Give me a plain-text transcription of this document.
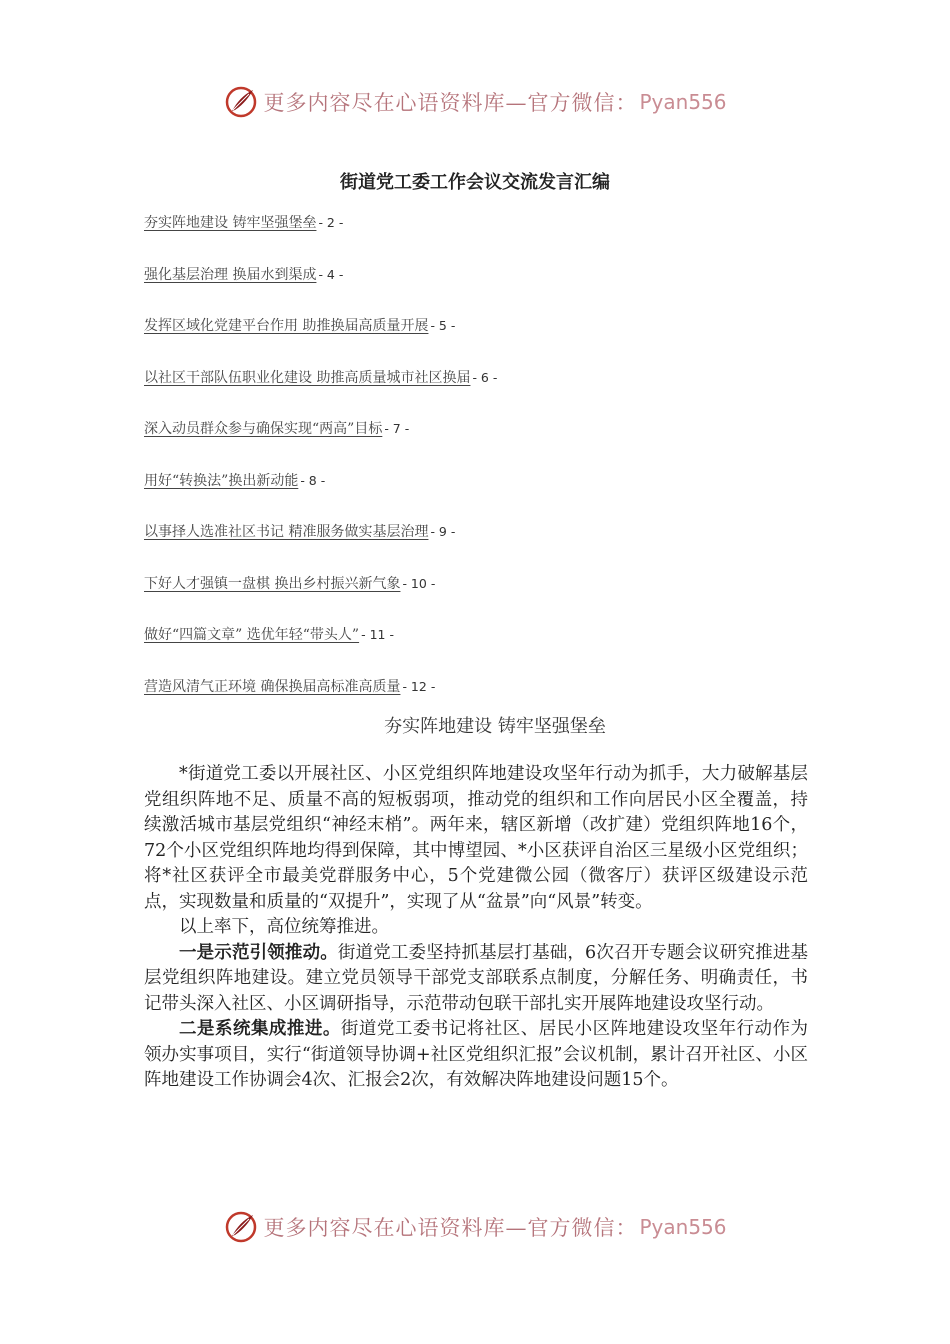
更多内容尽在心语资料库—官方微信： Pyan556
街道党工委工作会议交流发言汇编
夯实阵地建设 铸牢坚强堡垒 - 2 -
强化基层治理 换届水到渠成 - 4 -
发挥区域化党建平台作用 助推换届高质量开展 - 5 -
以社区干部队伍职业化建设 助推高质量城市社区换届 - 6 -
深入动员群众参与确保实现“两高”目标 - 7 -
用好“转换法”换出新动能 - 8 -
以事择人选准社区书记 精准服务做实基层治理 - 9 -
下好人才强镇一盘棋 换出乡村振兴新气象 - 10 -
做好“四篇文章” 选优年轻“带头人” - 11 -
营造风清气正环境 确保换届高标准高质量 - 12 -
夯实阵地建设 铸牢坚强堡垒

*街道党工委以开展社区、小区党组织阵地建设攻坚年行动为抓手，大力破解基层党组织阵地不足、质量不高的短板弱项，推动党的组织和工作向居民小区全覆盖，持续激活城市基层党组织“神经末梢”。两年来，辖区新增（改扩建）党组织阵地16个，72个小区党组织阵地均得到保障，其中博望园、*小区获评自治区三星级小区党组织；将*社区获评全市最美党群服务中心，5个党建微公园（微客厅）获评区级建设示范点，实现数量和质量的“双提升”，实现了从“盆景”向“风景”转变。

以上率下，高位统筹推进。

一是示范引领推动。街道党工委坚持抓基层打基础，6次召开专题会议研究推进基层党组织阵地建设。建立党员领导干部党支部联系点制度，分解任务、明确责任，书记带头深入社区、小区调研指导，示范带动包联干部扎实开展阵地建设攻坚行动。

二是系统集成推进。街道党工委书记将社区、居民小区阵地建设攻坚年行动作为领办实事项目，实行“街道领导协调+社区党组织汇报”会议机制，累计召开社区、小区阵地建设工作协调会4次、汇报会2次，有效解决阵地建设问题15个。

更多内容尽在心语资料库—官方微信： Pyan556
